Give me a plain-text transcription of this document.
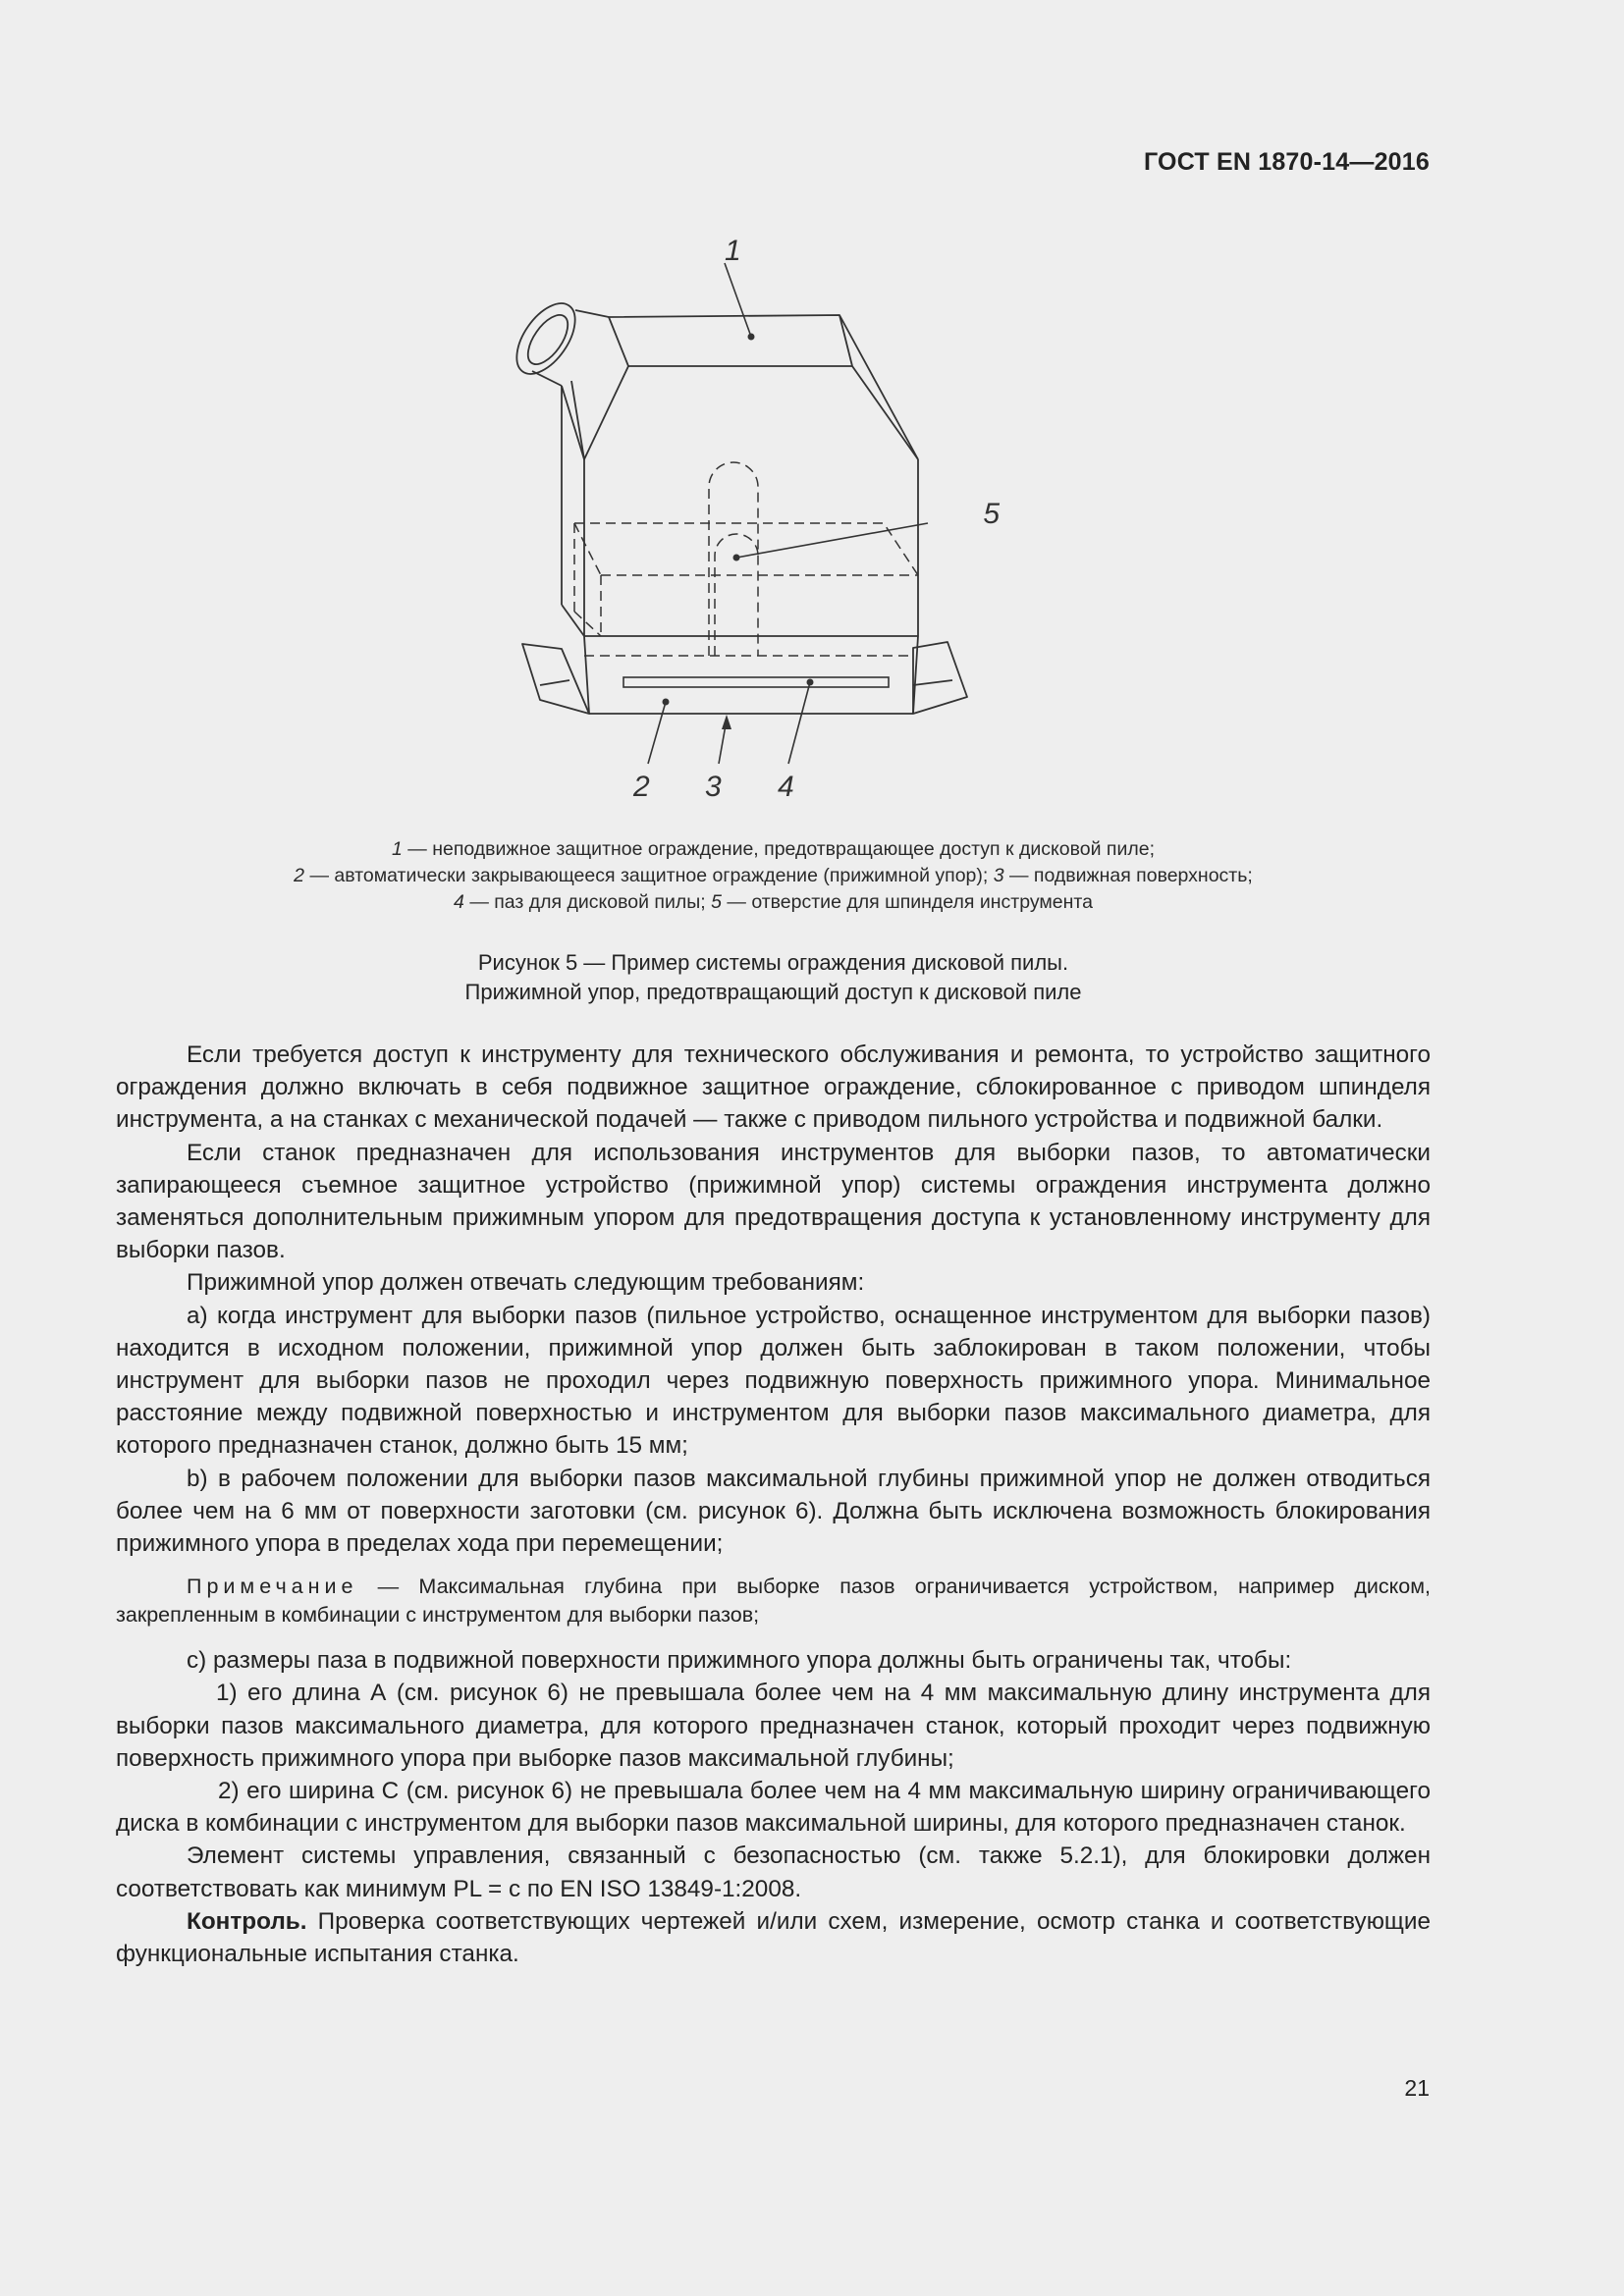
ГОСТ EN 1870-14—2016
1
5
2 3 4
1 — неподвижное защитное ограждение, предотвращающее доступ к дисковой пиле;
2 — автоматически закрывающееся защитное ограждение (прижимной упор); 3 — подвижная поверхность;
4 — паз для дисковой пилы; 5 — отверстие для шпинделя инструмента
Рисунок 5 — Пример системы ограждения дисковой пилы.
Прижимной упор, предотвращающий доступ к дисковой пиле

Если требуется доступ к инструменту для технического обслуживания и ремонта, то устройство защитного ограждения должно включать в себя подвижное защитное ограждение, сблокированное с приводом шпинделя инструмента, а на станках с механической подачей — также с приводом пильного устройства и подвижной балки.

Если станок предназначен для использования инструментов для выборки пазов, то автоматически запирающееся съемное защитное устройство (прижимной упор) системы ограждения инструмента должно заменяться дополнительным прижимным упором для предотвращения доступа к установленному инструменту для выборки пазов.

Прижимной упор должен отвечать следующим требованиям:

а) когда инструмент для выборки пазов (пильное устройство, оснащенное инструментом для выборки пазов) находится в исходном положении, прижимной упор должен быть заблокирован в таком положении, чтобы инструмент для выборки пазов не проходил через подвижную поверхность прижимного упора. Минимальное расстояние между подвижной поверхностью и инструментом для выборки пазов максимального диаметра, для которого предназначен станок, должно быть 15 мм;

b) в рабочем положении для выборки пазов максимальной глубины прижимной упор не должен отводиться более чем на 6 мм от поверхности заготовки (см. рисунок 6). Должна быть исключена возможность блокирования прижимного упора в пределах хода при перемещении;

Примечание — Максимальная глубина при выборке пазов ограничивается устройством, например диском, закрепленным в комбинации с инструментом для выборки пазов;

c) размеры паза в подвижной поверхности прижимного упора должны быть ограничены так, чтобы:

1) его длина А (см. рисунок 6) не превышала более чем на 4 мм максимальную длину инструмента для выборки пазов максимального диаметра, для которого предназначен станок, который проходит через подвижную поверхность прижимного упора при выборке пазов максимальной глубины;

2) его ширина С (см. рисунок 6) не превышала более чем на 4 мм максимальную ширину ограничивающего диска в комбинации с инструментом для выборки пазов максимальной ширины, для которого предназначен станок.

Элемент системы управления, связанный с безопасностью (см. также 5.2.1), для блокировки должен соответствовать как минимум PL = c по EN ISO 13849-1:2008.

Контроль. Проверка соответствующих чертежей и/или схем, измерение, осмотр станка и соответствующие функциональные испытания станка.

21
